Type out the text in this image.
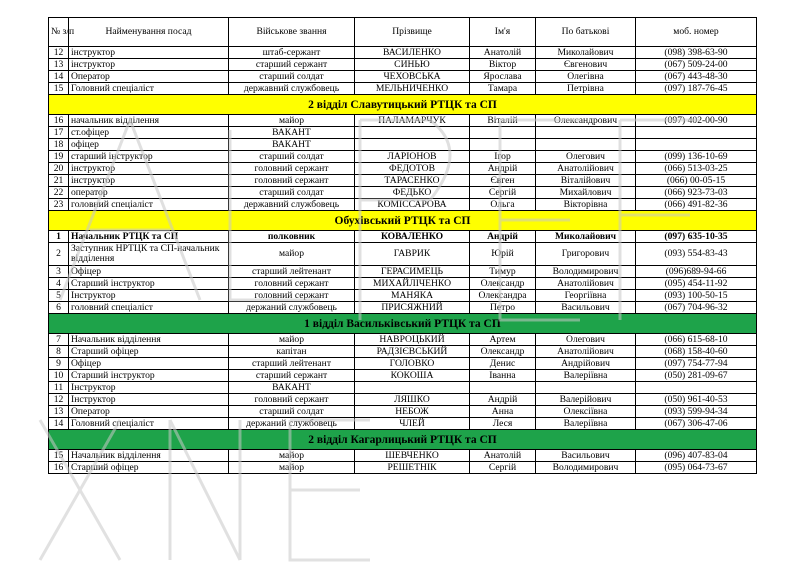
№ з/п	Найменування посад	Військове звання	Прізвище	Ім'я	По батькові	моб. номер
12	інструктор	штаб-сержант	ВАСИЛЕНКО	Анатолій	Миколайович	(098) 398-63-90
13	інструктор	старший сержант	СИНЬЮ	Віктор	Євгенович	(067) 509-24-00
14	Оператор	старший солдат	ЧЕХОВСЬКА	Ярослава	Олегівна	(067) 443-48-30
15	Головний спеціаліст	державний службовець	МЕЛЬНИЧЕНКО	Тамара	Петрівна	(097) 187-76-45
2 відділ Славутицький РТЦК та СП						
16	начальник відділення	майор	ПАЛАМАРЧУК	Віталій	Олександрович	(097) 402-00-90
17	ст.офіцер	ВАКАНТ				
18	офіцер	ВАКАНТ				
19	старший інструктор	старший солдат	ЛАРІОНОВ	Ігор	Олегович	(099) 136-10-69
20	інструктор	головний сержант	ФЕДОТОВ	Андрій	Анатолійович	(066) 513-03-25
21	інструктор	головний сержант	ТАРАСЕНКО	Євген	Віталійович	(066) 00-05-15
22	оператор	старший солдат	ФЕДЬКО	Сергій	Михайлович	(066) 923-73-03
23	головний спеціаліст	державний службовець	КОМІССАРОВА	Ольга	Вікторівна	(066) 491-82-36
Обухівський РТЦК та СП						
1	Начальник РТЦК та СП	полковник	КОВАЛЕНКО	Андрій	Миколайович	(097) 635-10-35
2	Заступник НРТЦК та СП-начальник відділення	майор	ГАВРИК	Юрій	Григорович	(093) 554-83-43
3	Офіцер	старший лейтенант	ГЕРАСИМЕЦЬ	Тимур	Володимирович	(096)689-94-66
4	Старший інструктор	головний сержант	МИХАЙЛІЧЕНКО	Олександр	Анатолійович	(095) 454-11-92
5	Інструктор	головний сержант	МАНЯКА	Олександра	Георгіївна	(093) 100-50-15
6	головний спеціаліст	держаний службовець	ПРИСЯЖНИЙ	Петро	Васильович	(067) 704-96-32
1 відділ Васильківський РТЦК та СП						
7	Начальник відділення	майор	НАВРОЦЬКИЙ	Артем	Олегович	(066) 615-68-10
8	Старший офіцер	капітан	РАДЗІЄВСЬКИЙ	Олександр	Анатолійович	(068) 158-40-60
9	Офіцер	старший лейтенант	ГОЛОВКО	Денис	Андрійович	(097) 754-77-94
10	Старший інструктор	старший сержант	КОКОША	Іванна	Валеріївна	(050) 281-09-67
11	Інструктор	ВАКАНТ				
12	Інструктор	головний сержант	ЛЯШКО	Андрій	Валерійович	(050) 961-40-53
13	Оператор	старший солдат	НЕБОЖ	Анна	Олексіївна	(093) 599-94-34
14	Головний спеціаліст	держаний службовець	ЧЛЕЙ	Леся	Валеріївна	(067) 306-47-06
2 відділ Кагарлицький РТЦК та СП						
15	Начальник відділення	майор	ШЕВЧЕНКО	Анатолій	Васильович	(096) 407-83-04
16	Старший офіцер	майор	РЕШЕТНІК	Сергій	Володимирович	(095) 064-73-67
